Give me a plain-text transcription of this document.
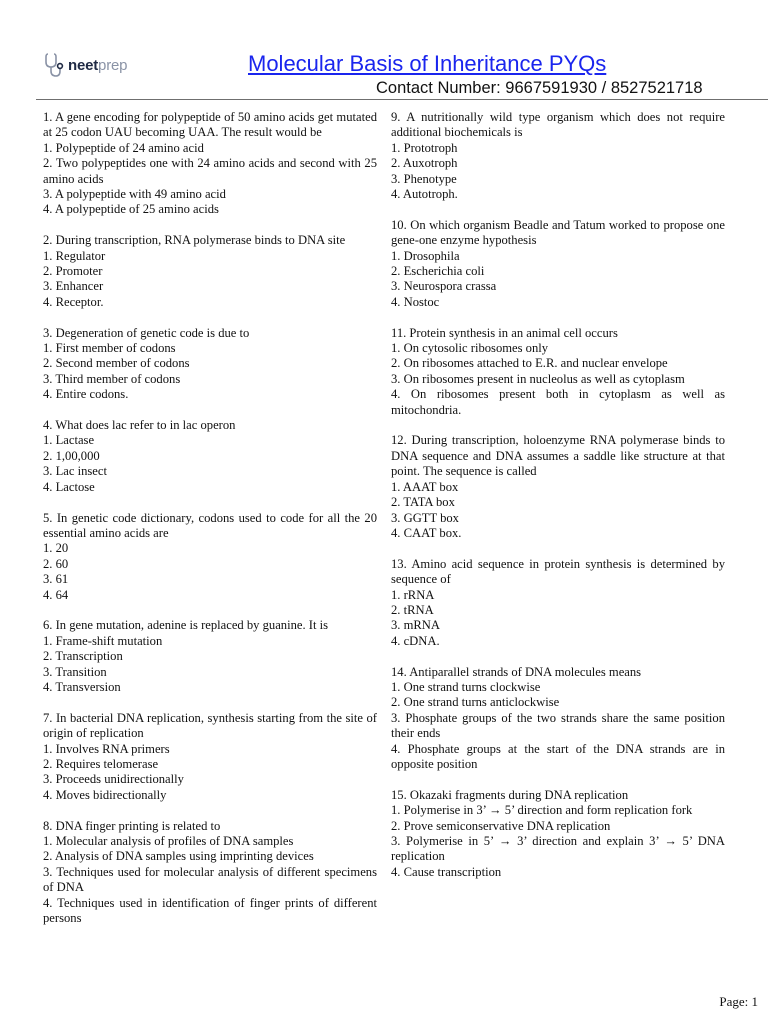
neetprep	Molecular Basis of Inheritance PYQs
Contact Number: 9667591930 / 8527521718

1. A gene encoding for polypeptide of 50 amino acids get mutated at 25 codon UAU becoming UAA. The result would be

1. Polypeptide of 24 amino acid

2. Two polypeptides one with 24 amino acids and second with 25 amino acids

3. A polypeptide with 49 amino acid

4. A polypeptide of 25 amino acids

2. During transcription, RNA polymerase binds to DNA site

1. Regulator

2. Promoter

3. Enhancer

4. Receptor.

3. Degeneration of genetic code is due to

1. First member of codons

2. Second member of codons

3. Third member of codons

4. Entire codons.

4. What does lac refer to in lac operon

1. Lactase

2. 1,00,000

3. Lac insect

4. Lactose

5. In genetic code dictionary, codons used to code for all the 20 essential amino acids are

1. 20

2. 60

3. 61

4. 64

6. In gene mutation, adenine is replaced by guanine. It is

1. Frame-shift mutation

2. Transcription

3. Transition

4. Transversion

7. In bacterial DNA replication, synthesis starting from the site of origin of replication

1. Involves RNA primers

2. Requires telomerase

3. Proceeds unidirectionally

4. Moves bidirectionally

8. DNA finger printing is related to

1. Molecular analysis of profiles of DNA samples

2. Analysis of DNA samples using imprinting devices

3. Techniques used for molecular analysis of different specimens of DNA

4. Techniques used in identification of finger prints of different persons

9. A nutritionally wild type organism which does not require additional biochemicals is

1. Prototroph

2. Auxotroph

3. Phenotype

4. Autotroph.

10. On which organism Beadle and Tatum worked to propose one gene-one enzyme hypothesis

1. Drosophila

2. Escherichia coli

3. Neurospora crassa

4. Nostoc

11. Protein synthesis in an animal cell occurs

1. On cytosolic ribosomes only

2. On ribosomes attached to E.R. and nuclear envelope

3. On ribosomes present in nucleolus as well as cytoplasm

4. On ribosomes present both in cytoplasm as well as mitochondria.

12. During transcription, holoenzyme RNA polymerase binds to DNA sequence and DNA assumes a saddle like structure at that point. The sequence is called

1. AAAT box

2. TATA box

3. GGTT box

4. CAAT box.

13. Amino acid sequence in protein synthesis is determined by sequence of

1. rRNA

2. tRNA

3. mRNA

4. cDNA.

14. Antiparallel strands of DNA molecules means

1. One strand turns clockwise

2. One strand turns anticlockwise

3. Phosphate groups of the two strands share the same position their ends

4. Phosphate groups at the start of the DNA strands are in opposite position

15. Okazaki fragments during DNA replication

1. Polymerise in 3’ → 5’ direction and form replication fork

2. Prove semiconservative DNA replication

3. Polymerise in 5’ → 3’ direction and explain 3’ → 5’ DNA replication

4. Cause transcription

Page: 1
